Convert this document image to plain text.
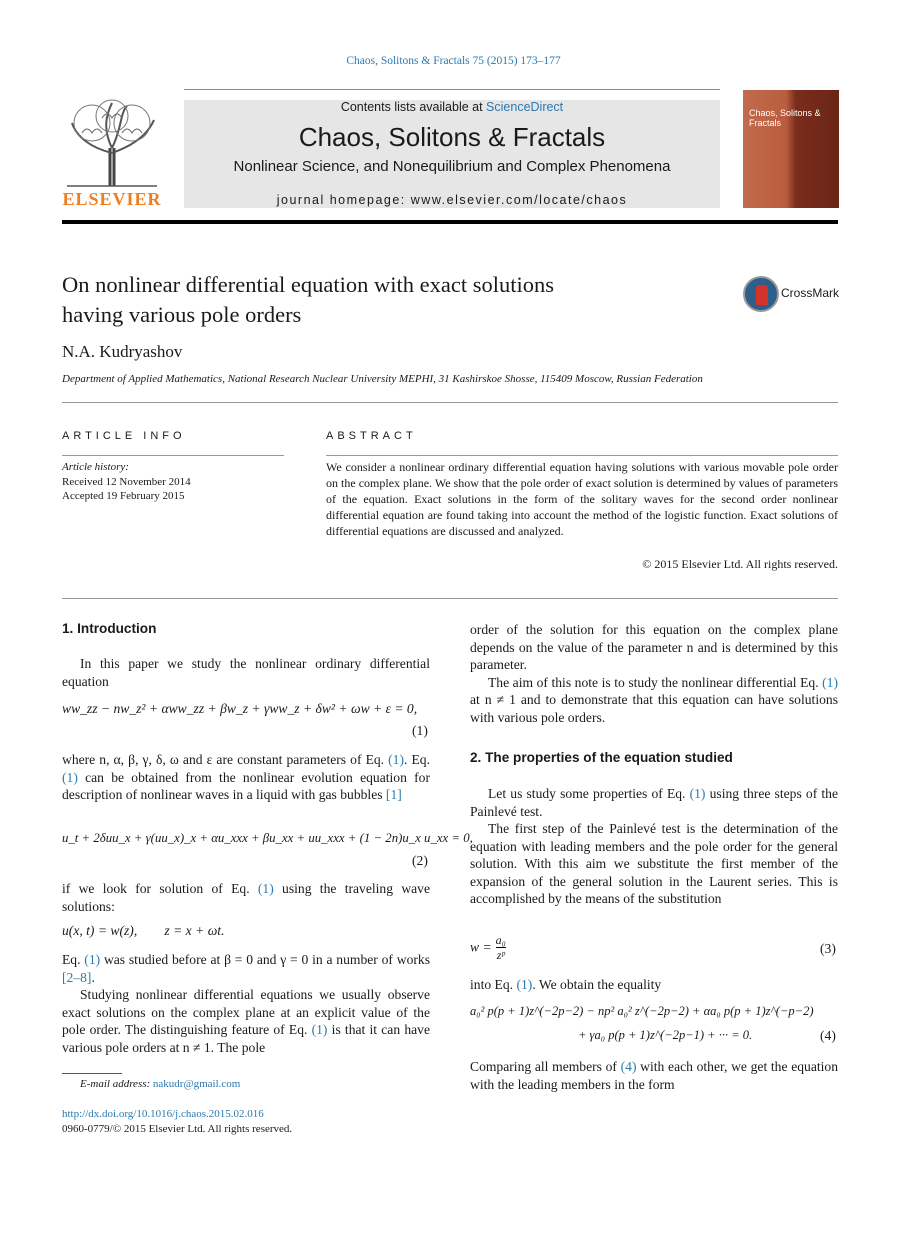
Chaos, Solitons & Fractals 75 (2015) 173–177
ELSEVIER
Contents lists available at ScienceDirect
Chaos, Solitons & Fractals
Nonlinear Science, and Nonequilibrium and Complex Phenomena
journal homepage: www.elsevier.com/locate/chaos
Chaos, Solitons & Fractals
On nonlinear differential equation with exact solutions
having various pole orders
CrossMark
N.A. Kudryashov
Department of Applied Mathematics, National Research Nuclear University MEPHI, 31 Kashirskoe Shosse, 115409 Moscow, Russian Federation
ARTICLE INFO
Article history:
Received 12 November 2014
Accepted 19 February 2015
ABSTRACT
We consider a nonlinear ordinary differential equation having solutions with various movable pole order on the complex plane. We show that the pole order of exact solution is determined by values of parameters of the equation. Exact solutions in the form of the solitary waves for the second order nonlinear differential equation are found taking into account the method of the logistic function. Exact solutions of differential equations are discussed and analyzed.
© 2015 Elsevier Ltd. All rights reserved.
1. Introduction

In this paper we study the nonlinear ordinary differential equation

ww_zz − nw_z² + αww_zz + βw_z + γww_z + δw² + ωw + ε = 0,
(1)

where n, α, β, γ, δ, ω and ε are constant parameters of Eq. (1). Eq. (1) can be obtained from the nonlinear evolution equation for description of nonlinear waves in a liquid with gas bubbles [1]

u_t + 2δuu_x + γ(uu_x)_x + αu_xxx + βu_xx + uu_xxx + (1 − 2n)u_x u_xx = 0,
(2)

if we look for solution of Eq. (1) using the traveling wave solutions:

u(x, t) = w(z),        z = x + ωt.

Eq. (1) was studied before at β = 0 and γ = 0 in a number of works [2–8].

Studying nonlinear differential equations we usually observe exact solutions on the complex plane at an explicit value of the pole order. The distinguishing feature of Eq. (1) is that it can have various pole orders at n ≠ 1. The pole

E-mail address: nakudr@gmail.com
http://dx.doi.org/10.1016/j.chaos.2015.02.016
0960-0779/© 2015 Elsevier Ltd. All rights reserved.

order of the solution for this equation on the complex plane depends on the value of the parameter n and is determined by this parameter.

The aim of this note is to study the nonlinear differential Eq. (1) at n ≠ 1 and to demonstrate that this equation can have solutions with various pole orders.

2. The properties of the equation studied

Let us study some properties of Eq. (1) using three steps of the Painlevé test.

The first step of the Painlevé test is the determination of the equation with leading members and the pole order for the general solution. With this aim we substitute the first member of the expansion of the general solution in the Laurent series. This is accomplished by the means of the substitution

$w = \frac{\text{a₀}}{\text{zᵖ}}$	(3)

into Eq. (1). We obtain the equality

a₀² p(p + 1)z^(−2p−2) − np² a₀² z^(−2p−2) + αa₀ p(p + 1)z^(−p−2)
+ γa₀ p(p + 1)z^(−2p−1) + ··· = 0.	(4)

Comparing all members of (4) with each other, we get the equation with the leading members in the form
